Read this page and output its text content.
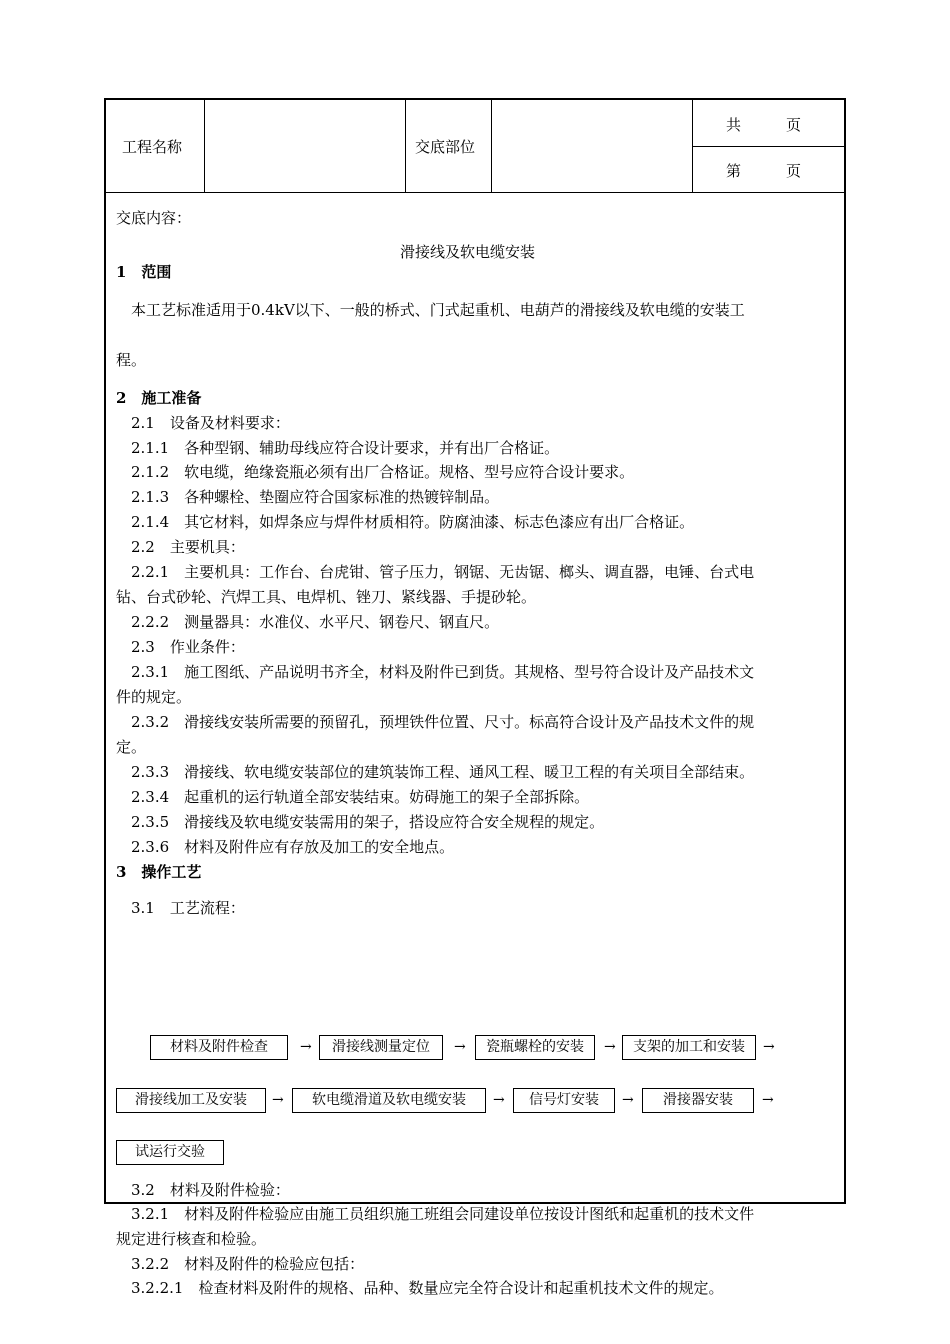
工程名称	交底部位
共　　　页
第　　　页
交底内容：
滑接线及软电缆安装
1　范围
　本工艺标准适用于0.4kV以下、一般的桥式、门式起重机、电葫芦的滑接线及软电缆的安装工
程。
2　施工准备
　2.1　设备及材料要求：
　2.1.1　各种型钢、辅助母线应符合设计要求，并有出厂合格证。
　2.1.2　软电缆，绝缘瓷瓶必须有出厂合格证。规格、型号应符合设计要求。
　2.1.3　各种螺栓、垫圈应符合国家标准的热镀锌制品。
　2.1.4　其它材料，如焊条应与焊件材质相符。防腐油漆、标志色漆应有出厂合格证。
　2.2　主要机具：
　2.2.1　主要机具：工作台、台虎钳、管子压力，钢锯、无齿锯、榔头、调直器，电锤、台式电
钻、台式砂轮、汽焊工具、电焊机、锉刀、紧线器、手提砂轮。
　2.2.2　测量器具：水准仪、水平尺、钢卷尺、钢直尺。
　2.3　作业条件：
　2.3.1　施工图纸、产品说明书齐全，材料及附件已到货。其规格、型号符合设计及产品技术文
件的规定。
　2.3.2　滑接线安装所需要的预留孔，预埋铁件位置、尺寸。标高符合设计及产品技术文件的规
定。
　2.3.3　滑接线、软电缆安装部位的建筑装饰工程、通风工程、暖卫工程的有关项目全部结束。
　2.3.4　起重机的运行轨道全部安装结束。妨碍施工的架子全部拆除。
　2.3.5　滑接线及软电缆安装需用的架子，搭设应符合安全规程的规定。
　2.3.6　材料及附件应有存放及加工的安全地点。
3　操作工艺
　3.1　工艺流程：
材料及附件检查	→	滑接线测量定位	→	瓷瓶螺栓的安装	→	支架的加工和安装	→
滑接线加工及安装	→	软电缆滑道及软电缆安装	→	信号灯安装	→	滑接器安装	→
试运行交验
　3.2　材料及附件检验：
　3.2.1　材料及附件检验应由施工员组织施工班组会同建设单位按设计图纸和起重机的技术文件
规定进行核查和检验。
　3.2.2　材料及附件的检验应包括：
　3.2.2.1　检查材料及附件的规格、品种、数量应完全符合设计和起重机技术文件的规定。
